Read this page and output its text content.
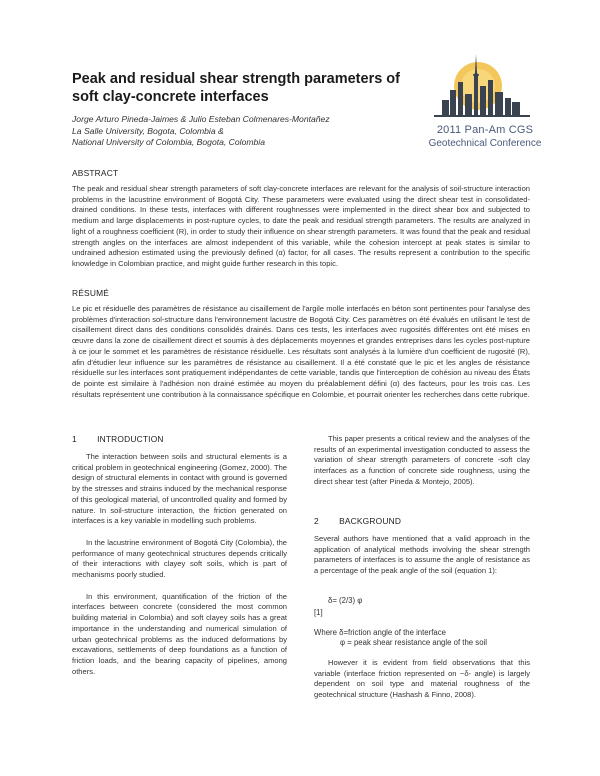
Peak and residual shear strength parameters of soft clay-concrete interfaces
Jorge Arturo Pineda-Jaimes & Julio Esteban Colmenares-Montañez
La Salle University, Bogota, Colombia &
National University of Colombia, Bogota, Colombia
2011 Pan-Am CGS
Geotechnical Conference
ABSTRACT
The peak and residual shear strength parameters of soft clay-concrete interfaces are relevant for the analysis of soil-structure interaction problems in the lacustrine environment of Bogotá City. These parameters were evaluated using the direct shear test in consolidated-drained conditions. In these tests, interfaces with different roughnesses were implemented in the direct shear box and subjected to medium and large displacements in post-rupture cycles, to date the peak and residual strength parameters. The results are analyzed in light of a roughness coefficient (R), in order to study their influence on shear strength parameters. It was found that the peak and residual strength angles on the interfaces are almost independent of this variable, while the cohesion intercept at peak states is similar to undrained adhesion estimated using the previously defined (α) factor, for all cases. The results represent a contribution to the specific knowledge in Colombian practice, and might guide further research in this topic.
RÉSUMÉ
Le pic et résiduelle des paramètres de résistance au cisaillement de l'argile molle interfacés en béton sont pertinentes pour l'analyse des problèmes d'interaction sol-structure dans l'environnement lacustre de Bogotá City. Ces paramètres on été évalués en utilisant le test de cisaillement direct dans des conditions consolidés drainés. Dans ces tests, les interfaces avec rugosités différentes ont été mises en œuvre dans la zone de cisaillement direct et soumis à des déplacements moyennes et grandes entreprises dans les cycles post-rupture à ce jour le sommet et les paramètres de résistance résiduelle. Les résultats sont analysés à la lumière d'un coefficient de rugosité (R), afin d'étudier leur influence sur les paramètres de résistance au cisaillement. Il a été constaté que le pic et les angles de résistance résiduelle sur les interfaces sont pratiquement indépendantes de cette variable, tandis que l'interception de cohésion au niveau des États de pointe est similaire à l'adhésion non drainé estimée au moyen du préalablement défini (α) des facteurs, pour les trois cas. Les résultats représentent une contribution à la connaissance spécifique en Colombie, et pourrait orienter les recherches dans cette rubrique.
1        INTRODUCTION

The interaction between soils and structural elements is a critical problem in geotechnical engineering (Gomez, 2000). The design of structural elements in contact with ground is governed by the stresses and strains induced by the mechanical response of this geological material, of uncontrolled quality and formed by nature. In soil-structure interaction, the friction generated on interfaces is a key variable in modelling such problems.

In the lacustrine environment of Bogotá City (Colombia), the performance of many geotechnical structures depends critically of their interactions with clayey soft soils, which is part of mechanisms poorly studied.

In this environment, quantification of the friction of the interfaces between concrete (considered the most common building material in Colombia) and soft clayey soils has a great importance in the understanding and numerical simulation of urban geotechnical problems as the induced deformations by excavations, settlements of deep foundations as a function of friction loads, and the bearing capacity of pipelines, among others.

This paper presents a critical review and the analyses of the results of an experimental investigation conducted to assess the variation of shear strength parameters of concrete -soft clay interfaces as a function of concrete side roughness, using the direct shear test (after Pineda & Montejo, 2005).

2        BACKGROUND

Several authors have mentioned that a valid approach in the application of analytical methods involving the shear strength parameters of interfaces is to assume the angle of resistance as a percentage of the peak angle of the soil (equation 1):

δ= (2/3) φ
[1]
Where δ=friction angle of the interface
φ = peak shear resistance angle of the soil

However it is evident from field observations that this variable (interface friction represented on −δ- angle) is largely dependent on soil type and material roughness of the geotechnical structure (Hashash & Finno, 2008).
